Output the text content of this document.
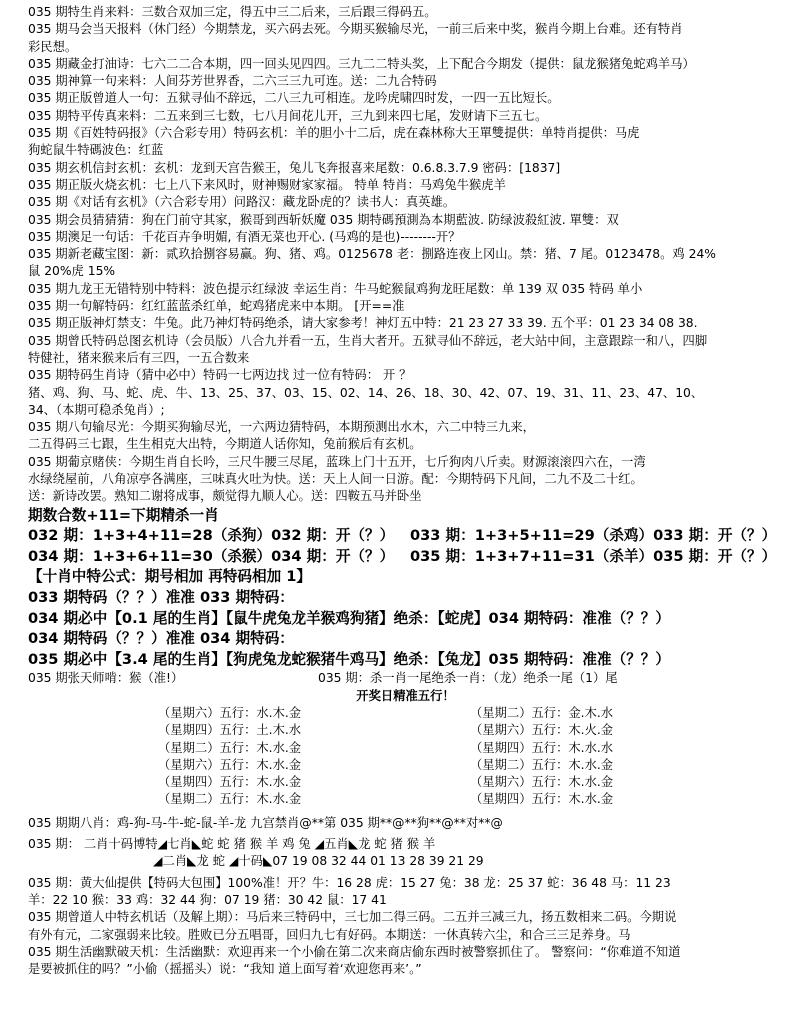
035 期特生肖来料：三数合双加三定，得五中三二后来，三后跟三得码五。
035 期马会当天报料（休门经）今期禁龙，买六码去死。今期买猴输尽光，一前三后来中奖，猴肖今期上台难。还有特肖
彩民想。
035 期藏金打油诗：七六二二合本期，四一回头见四四。三九二二特头奖，上下配合今期发（提供：鼠龙猴猪兔蛇鸡羊马）
035 期神算一句来料：人间芬芳世界香，二六三三九可连。送：二九合特码
035 期正版曾道人一句：五狱寻仙不辞远，二八三九可相连。龙吟虎啸四时发，一四一五比短长。
035 期特平传真来料：二五来到三七数，七八月间花儿开，三九到来四七尾，发财请下三五七。
035 期《百姓特码报》（六合彩专用）特码玄机：羊的胆小十二后，虎在森林称大王單雙提供：单特肖提供：马虎
狗蛇鼠牛特碼波色：红蓝
035 期玄机信封玄机：玄机：龙到天宫告猴王，兔儿飞奔报喜来尾数：0.6.8.3.7.9 密码：[1837]
035 期正版火烧玄机：七上八下来风时，财神赐财家家福。 特单 特肖：马鸡兔牛猴虎羊
035 期《对话有玄机》（六合彩专用）问路汉：藏龙卧虎的？读书人：真英雄。
035 期会员猜猜猜：狗在门前守其家，猴哥到西斩妖魔 035 期特碼預測為本期藍波. 防绿波殺紅波. 單雙：双
035 期澳足一句话：千花百卉争明媚, 有酒无菜也开心. (马鸡的是也)--------开？
035 期新老藏宝图：新：贰玖拾捌容易赢。狗、猪、鸡。0125678 老：捌路连夜上冈山。禁：猪、7 尾。0123478。鸡 24%
鼠 20%虎 15%
035 期九龙王无错特别中特料：波色提示红绿波 幸运生肖：牛马蛇猴鼠鸡狗龙旺尾数：单 139 双 035 特码 单小
035 期一句解特码：红红蓝蓝杀红单，蛇鸡猪虎来中本期。 [开==准
035 期正版神灯禁支：牛兔。此乃神灯特码绝杀，请大家参考！神灯五中特：21 23 27 33 39. 五个平：01 23 34 08 38.
035 期曾氏特码总图玄机诗（会员版）八合九并看一五，生肖大者开。五狱寻仙不辞远，老大站中间，主意跟踪一和八，四脚
特健社，猪来猴来后有三四，一五合数来
035 期特码生肖诗（猜中必中）特码一七两边找 过一位有特码： 开 ？
猪、鸡、狗、马、蛇、虎、牛、13、25、37、03、15、02、14、26、18、30、42、07、19、31、11、23、47、10、
34、（本期可稳杀兔肖）;
035 期八句输尽光：今期买狗输尽光，一六两边猜特码，本期预测出水木，六二中特三九来，
二五得码三七跟，生生相克大出特，今期道人话你知，兔前猴后有玄机。
035 期葡京赌侠：今期生肖自长吟，三尺牛腰三尽尾，蓝珠上门十五开，七斤狗肉八斤卖。财源滚滚四六在，一湾
水绿绕屋前，八角凉亭各满座，三味真火吐为快。送：天上人间一日游。配：今期特码下凡间，二九不及二十红。
送：新诗改罢。熟知二谢将成事，颇觉得九顺人心。送：四鞍五马并卧坐
期数合数+11=下期精杀一肖
032 期：1+3+4+11=28（杀狗）032 期：开（？）	033 期：1+3+5+11=29（杀鸡）033 期：开（？）
034 期：1+3+6+11=30（杀猴）034 期：开（？）	035 期：1+3+7+11=31（杀羊）035 期：开（？）
【十肖中特公式：期号相加 再特码相加 1】
033 期特码（？？）准准 033 期特码：
034 期必中【0.1 尾的生肖】【鼠牛虎兔龙羊猴鸡狗猪】绝杀：【蛇虎】034 期特码：准准（？？）
034 期特码（？？）准准 034 期特码：
035 期必中【3.4 尾的生肖】【狗虎兔龙蛇猴猪牛鸡马】绝杀：【兔龙】035 期特码：准准（？？）
035 期张天师啃：猴（准!）	035 期：杀一肖一尾绝杀一肖：（龙）绝杀一尾（1）尾
开奖日精准五行！
（星期六）五行：水.木.金	（星期二）五行：金.木.水
（星期四）五行：土.木.水	（星期六）五行：木.火.金
（星期二）五行：木.水.金	（星期四）五行：木.水.水
（星期六）五行：木.水.金	（星期二）五行：木.水.金
（星期四）五行：木.水.金	（星期六）五行：木.水.金
（星期二）五行：木.水.金	（星期四）五行：木.水.金
035 期期八肖：鸡-狗-马-牛-蛇-鼠-羊-龙 九宫禁肖@**第 035 期**@**狗**@**对**@
035 期： 二肖十码博特◢七肖◣蛇 蛇 猪 猴 羊 鸡 兔 ◢五肖◣龙 蛇 猪 猴 羊
◢二肖◣龙 蛇 ◢十码◣07 19 08 32 44 01 13 28 39 21 29
035 期：黄大仙提供【特码大包围】100%准！开？牛：16 28 虎：15 27 兔：38 龙：25 37 蛇：36 48 马：11 23
羊：22 10 猴：33 鸡：32 44 狗：07 19 猪：30 42 鼠：17 41
035 期曾道人中特玄机话（及解上期）：马后来三特码中，三七加二得三码。二五并三减三九，扬五数相来二码。今期说
有外有元，二家强弱来比较。胜败已分五唱哥，回归九七有好码。本期送：一休真转六尘，和合三三足养身。马
035 期生活幽默破天机：生活幽默：欢迎再来一个小偷在第二次来商店偷东西时被警察抓住了。 警察问：“你难道不知道
是要被抓住的吗？”小偷（摇摇头）说：“我知 道上面写着‘欢迎您再来’。”
